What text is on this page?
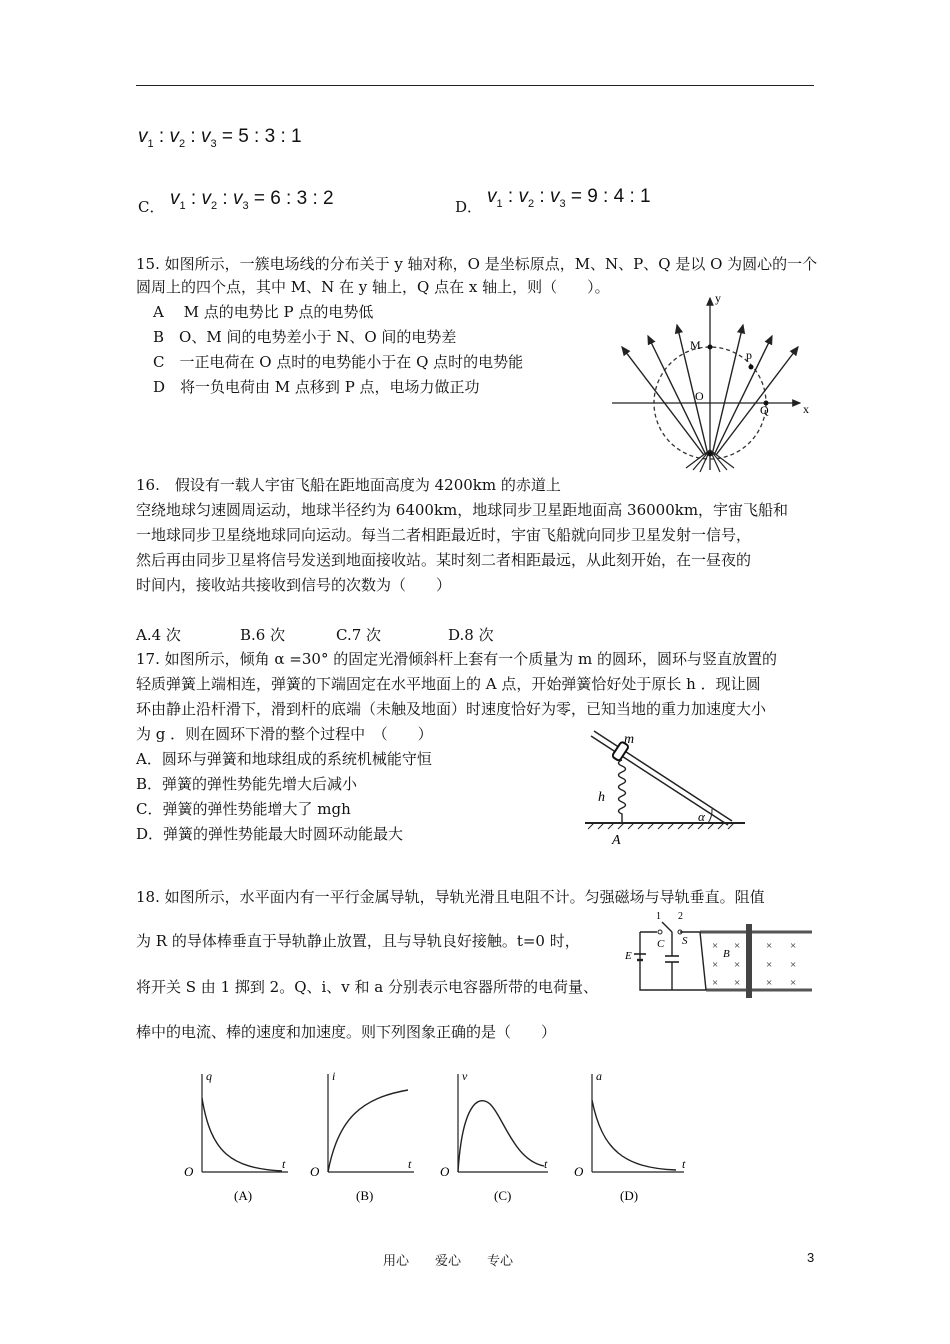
$v_1$ : $v_2$ : $v_3 = 5$ : 3 : 1
C． $v_1$ : $v_2$ : $v_3 = 6$ : 3 : 2	D． $v_1$ : $v_2$ : $v_3 = 9$ : 4 : 1
15. 如图所示，一簇电场线的分布关于 y 轴对称，O 是坐标原点，M、N、P、Q 是以 O 为圆心的一个
圆周上的四个点，其中 M、N 在 y 轴上，Q 点在 x 轴上，则（　　）。
A　 M 点的电势比 P 点的电势低
B　O、M 间的电势差小于 N、O 间的电势差
C　一正电荷在 O 点时的电势能小于在 Q 点时的电势能
D　将一负电荷由 M 点移到 P 点，电场力做正功
y
x
M
O
p
Q
16.　假设有一载人宇宙飞船在距地面高度为 4200km 的赤道上
空绕地球匀速圆周运动，地球半径约为 6400km，地球同步卫星距地面高 36000km，宇宙飞船和
一地球同步卫星绕地球同向运动。每当二者相距最近时，宇宙飞船就向同步卫星发射一信号，
然后再由同步卫星将信号发送到地面接收站。某时刻二者相距最远，从此刻开始，在一昼夜的
时间内，接收站共接收到信号的次数为（　　）
A.4 次	B.6 次	C.7 次	D.8 次
17. 如图所示，倾角 α =30° 的固定光滑倾斜杆上套有一个质量为 m 的圆环，圆环与竖直放置的
轻质弹簧上端相连，弹簧的下端固定在水平地面上的 A 点，开始弹簧恰好处于原长 h ．现让圆
环由静止沿杆滑下，滑到杆的底端（未触及地面）时速度恰好为零，已知当地的重力加速度大小
为 g ．则在圆环下滑的整个过程中　（　　）
A．圆环与弹簧和地球组成的系统机械能守恒
B．弹簧的弹性势能先增大后减小
C．弹簧的弹性势能增大了 mgh
D．弹簧的弹性势能最大时圆环动能最大
m
h
A
α
18. 如图所示，水平面内有一平行金属导轨，导轨光滑且电阻不计。匀强磁场与导轨垂直。阻值
为 R 的导体棒垂直于导轨静止放置，且与导轨良好接触。t=0 时，
将开关 S 由 1 掷到 2。Q、i、v 和 a 分别表示电容器所带的电荷量、
棒中的电流、棒的速度和加速度。则下列图象正确的是（　　）
× × × ×
× × × ×
× × × ×
1 2
S
E
C
B
q
t
O
(A)
i
t
O
(B)
v
t
O
(C)
a
t
O
(D)
用心　　爱心　　专心	3
